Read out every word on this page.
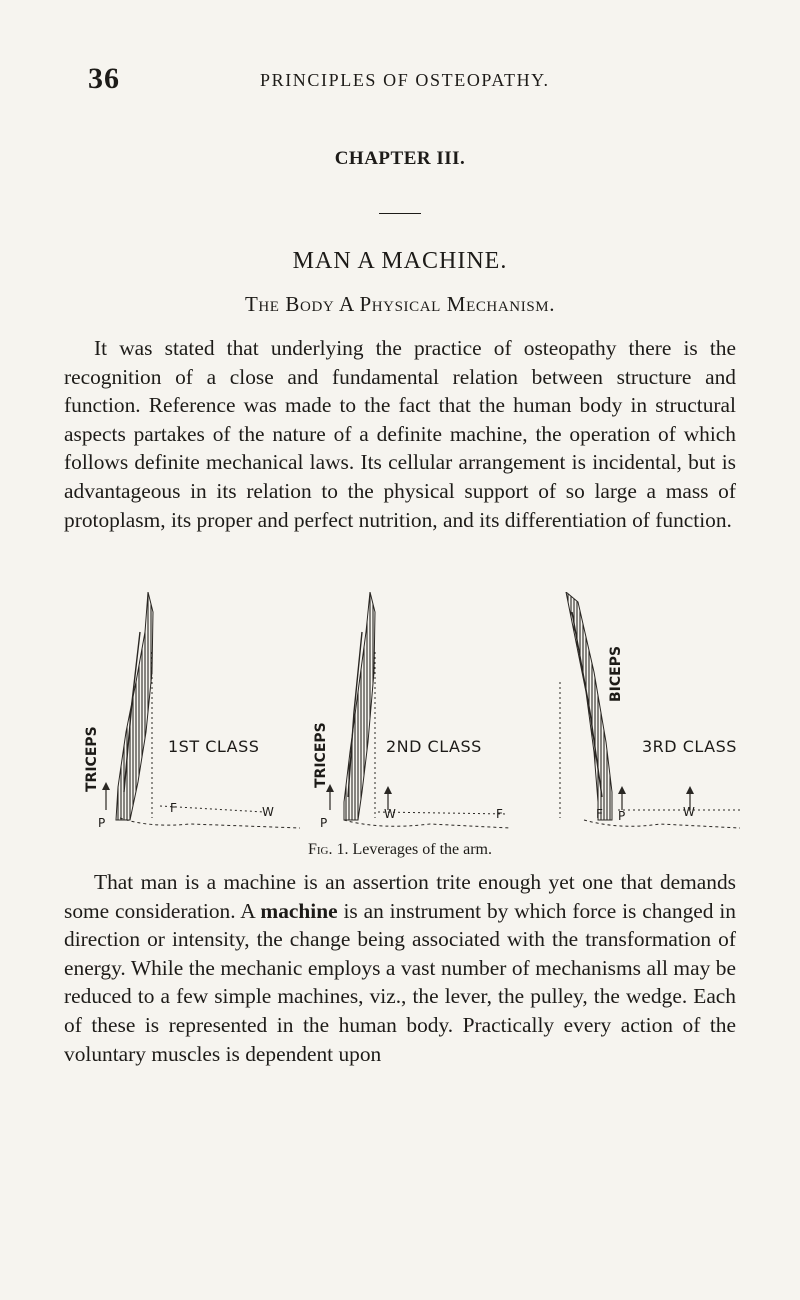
36	PRINCIPLES OF OSTEOPATHY.
CHAPTER III.
MAN A MACHINE.
The Body A Physical Mechanism.

It was stated that underlying the practice of osteopathy there is the recognition of a close and fundamental relation between structure and function. Reference was made to the fact that the human body in structural aspects partakes of the nature of a definite machine, the operation of which follows definite mechanical laws. Its cellular arrangement is incidental, but is advantageous in its relation to the physical support of so large a mass of protoplasm, its proper and perfect nutrition, and its differentiation of function.

TRICEPS
P
F	W
1ST CLASS	TRICEPS
P
W	F
2ND CLASS
BICEPS
F P	W
3RD CLASS
Fig. 1. Leverages of the arm.

That man is a machine is an assertion trite enough yet one that demands some consideration. A machine is an instrument by which force is changed in direction or intensity, the change being associated with the transformation of energy. While the mechanic employs a vast number of mechanisms all may be reduced to a few simple machines, viz., the lever, the pulley, the wedge. Each of these is represented in the human body. Practically every action of the voluntary muscles is dependent upon
